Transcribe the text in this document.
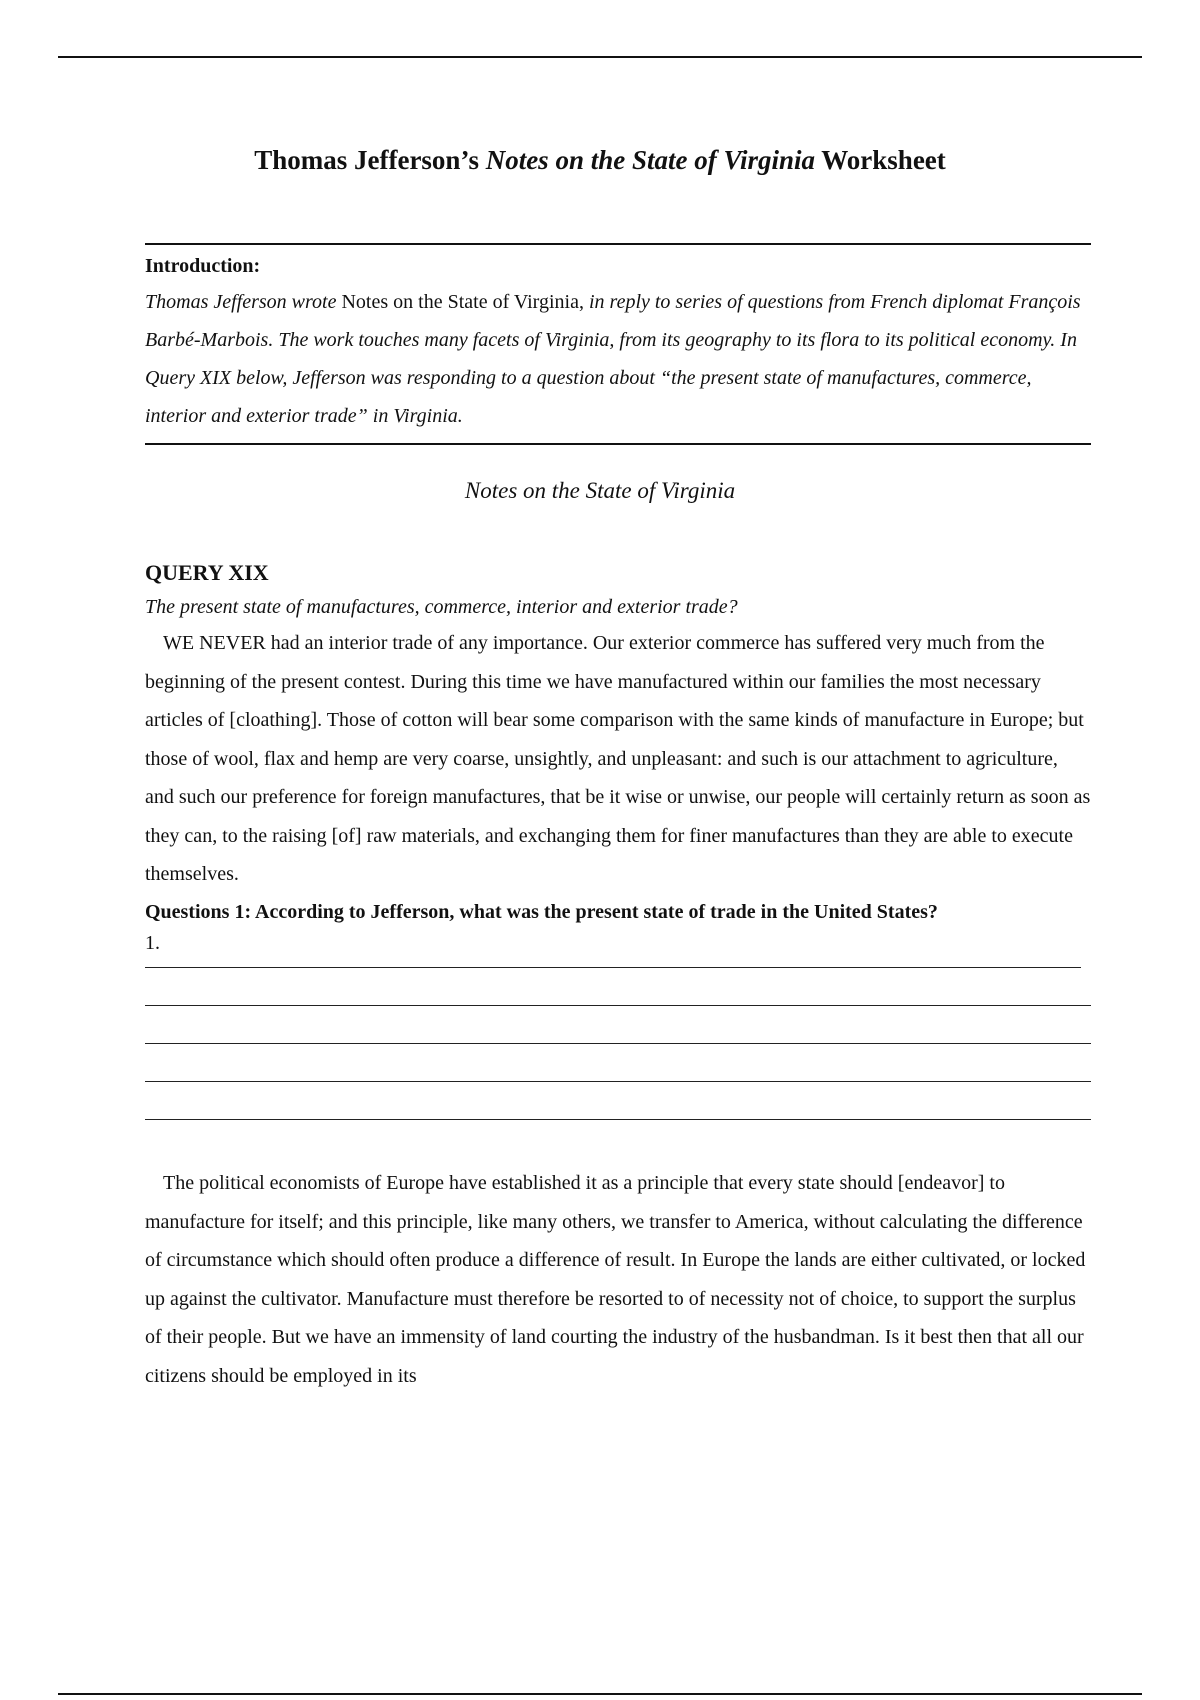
Thomas Jefferson’s Notes on the State of Virginia Worksheet
Introduction:
Thomas Jefferson wrote Notes on the State of Virginia, in reply to series of questions from French diplomat François Barbé-Marbois. The work touches many facets of Virginia, from its geography to its flora to its political economy. In Query XIX below, Jefferson was responding to a question about “the present state of manufactures, commerce, interior and exterior trade” in Virginia.
Notes on the State of Virginia
QUERY XIX
The present state of manufactures, commerce, interior and exterior trade?

WE NEVER had an interior trade of any importance. Our exterior commerce has suffered very much from the beginning of the present contest. During this time we have manufactured within our families the most necessary articles of [cloathing]. Those of cotton will bear some comparison with the same kinds of manufacture in Europe; but those of wool, flax and hemp are very coarse, unsightly, and unpleasant: and such is our attachment to agriculture, and such our preference for foreign manufactures, that be it wise or unwise, our people will certainly return as soon as they can, to the raising [of] raw materials, and exchanging them for finer manufactures than they are able to execute themselves.

Questions 1: According to Jefferson, what was the present state of trade in the United States?
1.

The political economists of Europe have established it as a principle that every state should [endeavor] to manufacture for itself; and this principle, like many others, we transfer to America, without calculating the difference of circumstance which should often produce a difference of result. In Europe the lands are either cultivated, or locked up against the cultivator. Manufacture must therefore be resorted to of necessity not of choice, to support the surplus of their people. But we have an immensity of land courting the industry of the husbandman. Is it best then that all our citizens should be employed in its
